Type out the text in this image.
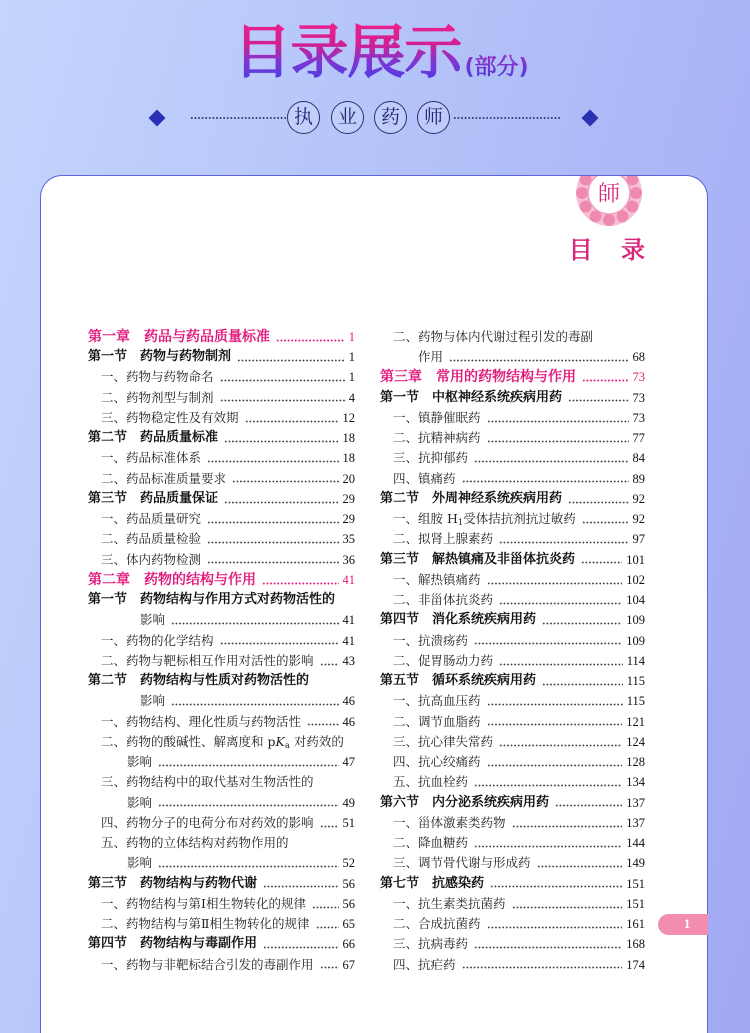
目录展示 (部分)
执	业	药	师
師
目 录
第一章　药品与药品质量标准	1
第一节　药物与药物制剂	1
一、药物与药物命名	1
二、药物剂型与制剂	4
三、药物稳定性及有效期	12
第二节　药品质量标准	18
一、药品标准体系	18
二、药品标准质量要求	20
第三节　药品质量保证	29
一、药品质量研究	29
二、药品质量检验	35
三、体内药物检测	36
第二章　药物的结构与作用	41
第一节　药物结构与作用方式对药物活性的
影响	41
一、药物的化学结构	41
二、药物与靶标相互作用对活性的影响 43
第二节　药物结构与性质对药物活性的
影响	46
一、药物结构、理化性质与药物活性	46
二、药物的酸碱性、解离度和 $pK_a$ 对药效的
影响	47
三、药物结构中的取代基对生物活性的
影响	49
四、药物分子的电荷分布对药效的影响 51
五、药物的立体结构对药物作用的
影响	52
第三节　药物结构与药物代谢	56
一、药物结构与第Ⅰ相生物转化的规律	56
二、药物结构与第Ⅱ相生物转化的规律	65
第四节　药物结构与毒副作用	66
一、药物与非靶标结合引发的毒副作用 67
二、药物与体内代谢过程引发的毒副
作用	68
第三章　常用的药物结构与作用	73
第一节　中枢神经系统疾病用药	73
一、镇静催眠药	73
二、抗精神病药	77
三、抗抑郁药	84
四、镇痛药	89
第二节　外周神经系统疾病用药	92
一、组胺 $H_1$受体拮抗剂抗过敏药	92
二、拟肾上腺素药	97
第三节　解热镇痛及非甾体抗炎药	101
一、解热镇痛药	102
二、非甾体抗炎药	104
第四节　消化系统疾病用药	109
一、抗溃疡药	109
二、促胃肠动力药	114
第五节　循环系统疾病用药	115
一、抗高血压药	115
二、调节血脂药	121
三、抗心律失常药	124
四、抗心绞痛药	128
五、抗血栓药	134
第六节　内分泌系统疾病用药	137
一、甾体激素类药物	137
二、降血糖药	144
三、调节骨代谢与形成药	149
第七节　抗感染药	151
一、抗生素类抗菌药	151
二、合成抗菌药	161
三、抗病毒药	168
四、抗疟药	174
1
